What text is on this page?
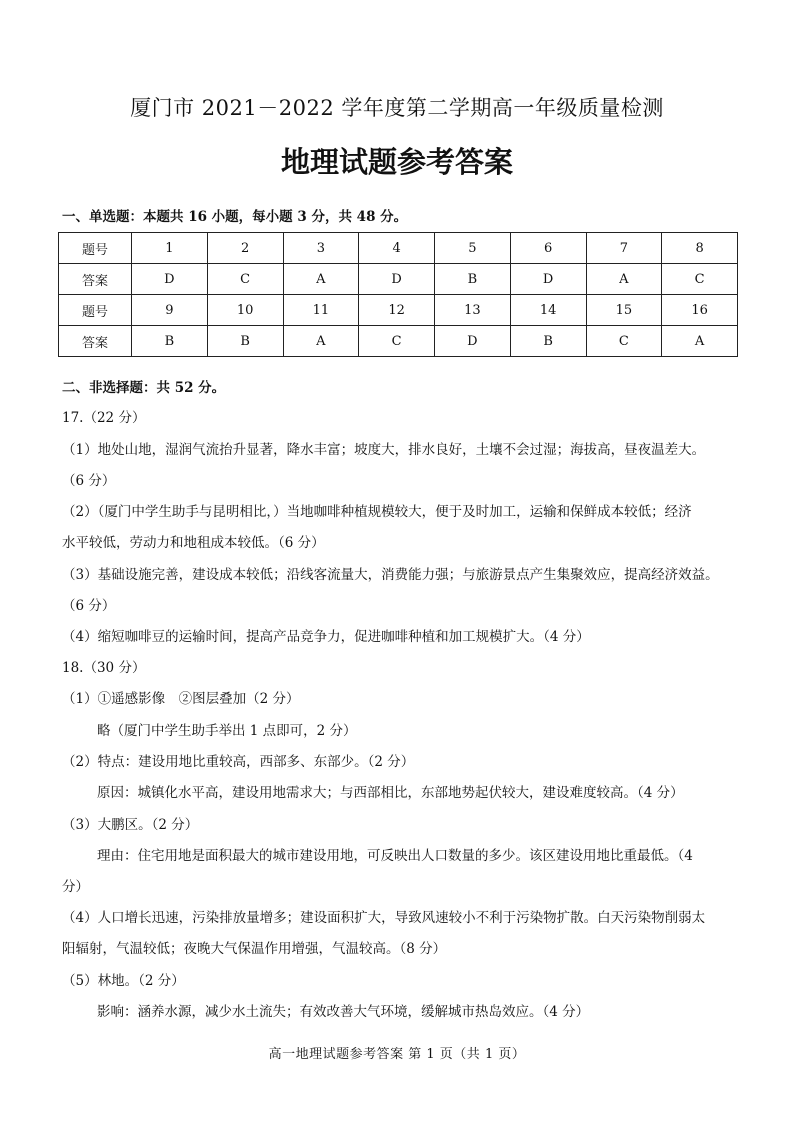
厦门市 2021－2022 学年度第二学期高一年级质量检测
地理试题参考答案
一、单选题：本题共 16 小题，每小题 3 分，共 48 分。
题号	1	2	3	4	5	6	7	8
答案	D	C	A	D	B	D	A	C
题号	9	10	11	12	13	14	15	16
答案	B	B	A	C	D	B	C	A
二、非选择题：共 52 分。
17.（22 分）
（1）地处山地，湿润气流抬升显著，降水丰富；坡度大，排水良好，土壤不会过湿；海拔高，昼夜温差大。
（6 分）
（2）（厦门中学生助手与昆明相比，）当地咖啡种植规模较大，便于及时加工，运输和保鲜成本较低；经济
水平较低，劳动力和地租成本较低。（6 分）
（3）基础设施完善，建设成本较低；沿线客流量大，消费能力强；与旅游景点产生集聚效应，提高经济效益。
（6 分）
（4）缩短咖啡豆的运输时间，提高产品竞争力，促进咖啡种植和加工规模扩大。（4 分）
18.（30 分）
（1）①遥感影像　②图层叠加（2 分）
略（厦门中学生助手举出 1 点即可，2 分）
（2）特点：建设用地比重较高，西部多、东部少。（2 分）
原因：城镇化水平高，建设用地需求大；与西部相比，东部地势起伏较大，建设难度较高。（4 分）
（3）大鹏区。（2 分）
理由：住宅用地是面积最大的城市建设用地，可反映出人口数量的多少。该区建设用地比重最低。（4
分）
（4）人口增长迅速，污染排放量增多；建设面积扩大，导致风速较小不利于污染物扩散。白天污染物削弱太
阳辐射，气温较低；夜晚大气保温作用增强，气温较高。（8 分）
（5）林地。（2 分）
影响：涵养水源，减少水土流失；有效改善大气环境，缓解城市热岛效应。（4 分）
高一地理试题参考答案 第 1 页（共 1 页）
